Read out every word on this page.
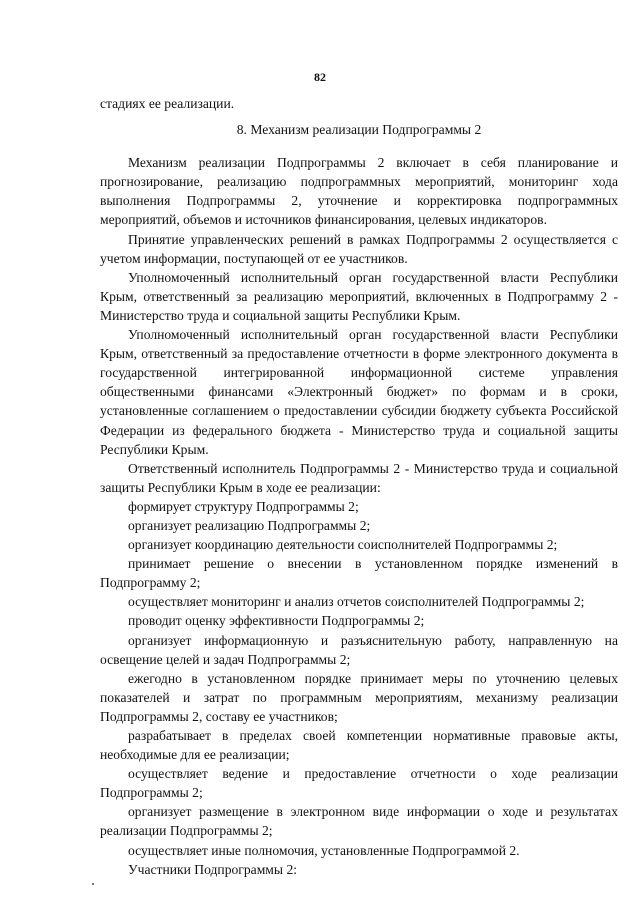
82

стадиях ее реализации.

8. Механизм реализации Подпрограммы 2

Механизм реализации Подпрограммы 2 включает в себя планирование и прогнозирование, реализацию подпрограммных мероприятий, мониторинг хода выполнения Подпрограммы 2, уточнение и корректировка подпрограммных мероприятий, объемов и источников финансирования, целевых индикаторов.

Принятие управленческих решений в рамках Подпрограммы 2 осуществляется с учетом информации, поступающей от ее участников.

Уполномоченный исполнительный орган государственной власти Республики Крым, ответственный за реализацию мероприятий, включенных в Подпрограмму 2 - Министерство труда и социальной защиты Республики Крым.

Уполномоченный исполнительный орган государственной власти Республики Крым, ответственный за предоставление отчетности в форме электронного документа в государственной интегрированной информационной системе управления общественными финансами «Электронный бюджет» по формам и в сроки, установленные соглашением о предоставлении субсидии бюджету субъекта Российской Федерации из федерального бюджета - Министерство труда и социальной защиты Республики Крым.

Ответственный исполнитель Подпрограммы 2 - Министерство труда и социальной защиты Республики Крым в ходе ее реализации:

формирует структуру Подпрограммы 2;

организует реализацию Подпрограммы 2;

организует координацию деятельности соисполнителей Подпрограммы 2;

принимает решение о внесении в установленном порядке изменений в Подпрограмму 2;

осуществляет мониторинг и анализ отчетов соисполнителей Подпрограммы 2;

проводит оценку эффективности Подпрограммы 2;

организует информационную и разъяснительную работу, направленную на освещение целей и задач Подпрограммы 2;

ежегодно в установленном порядке принимает меры по уточнению целевых показателей и затрат по программным мероприятиям, механизму реализации Подпрограммы 2, составу ее участников;

разрабатывает в пределах своей компетенции нормативные правовые акты, необходимые для ее реализации;

осуществляет ведение и предоставление отчетности о ходе реализации Подпрограммы 2;

организует размещение в электронном виде информации о ходе и результатах реализации Подпрограммы 2;

осуществляет иные полномочия, установленные Подпрограммой 2.

Участники Подпрограммы 2:
